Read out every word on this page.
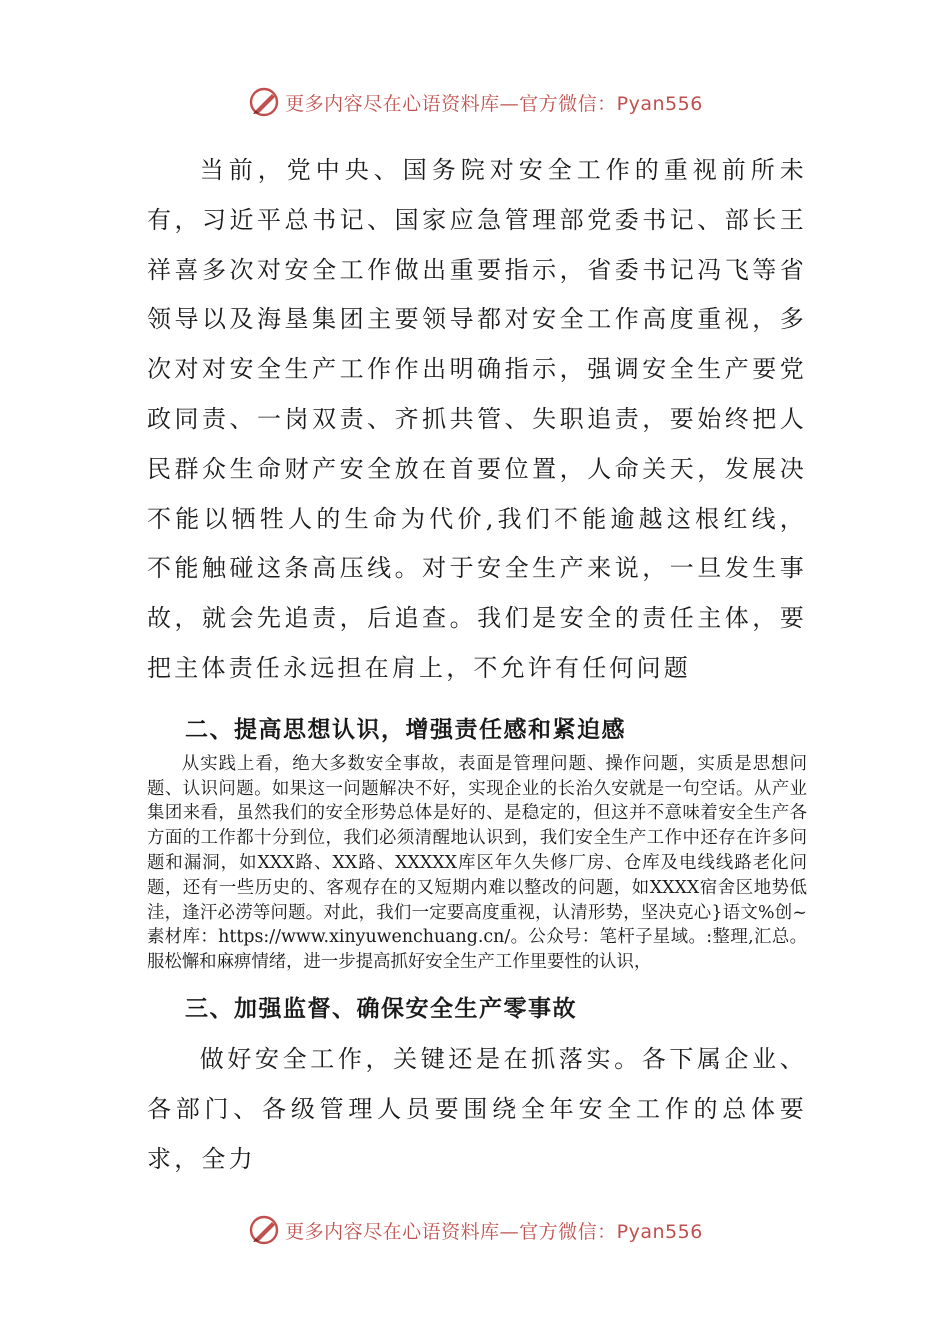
更多内容尽在心语资料库—官方微信：Pyan556

当前，党中央、国务院对安全工作的重视前所未有，习近平总书记、国家应急管理部党委书记、部长王祥喜多次对安全工作做出重要指示，省委书记冯飞等省领导以及海垦集团主要领导都对安全工作高度重视，多次对对安全生产工作作出明确指示，强调安全生产要党政同责、一岗双责、齐抓共管、失职追责，要始终把人民群众生命财产安全放在首要位置，人命关天，发展决不能以牺牲人的生命为代价,我们不能逾越这根红线，不能触碰这条高压线。对于安全生产来说，一旦发生事故，就会先追责，后追查。我们是安全的责任主体，要把主体责任永远担在肩上，不允许有任何问题

二、提高思想认识，增强责任感和紧迫感

从实践上看，绝大多数安全事故，表面是管理问题、操作问题，实质是思想问题、认识问题。如果这一问题解决不好，实现企业的长治久安就是一句空话。从产业集团来看，虽然我们的安全形势总体是好的、是稳定的，但这并不意味着安全生产各方面的工作都十分到位，我们必须清醒地认识到，我们安全生产工作中还存在许多问题和漏洞，如XXX路、XX路、XXXXX库区年久失修厂房、仓库及电线线路老化问题，还有一些历史的、客观存在的又短期内难以整改的问题，如XXXX宿舍区地势低洼，逢汗必涝等问题。对此，我们一定要高度重视，认清形势，坚决克心}语文%创~素材库：https://www.xinyuwenchuang.cn/。公众号：笔杆子星域。:整理,汇总。服松懈和麻痹情绪，进一步提高抓好安全生产工作里要性的认识，

三、加强监督、确保安全生产零事故

做好安全工作，关键还是在抓落实。各下属企业、各部门、各级管理人员要围绕全年安全工作的总体要求，全力

更多内容尽在心语资料库—官方微信：Pyan556
